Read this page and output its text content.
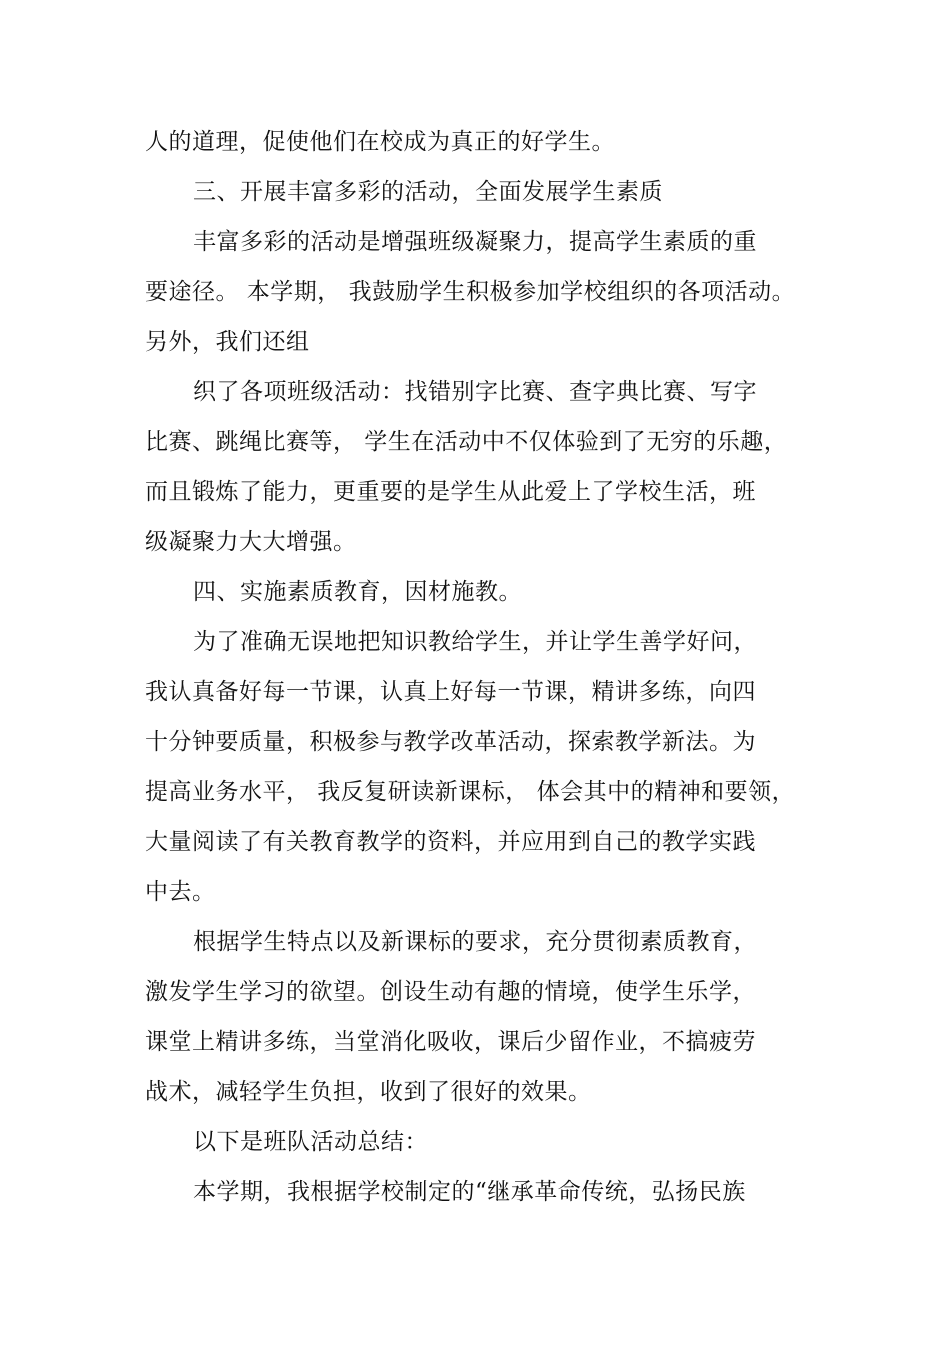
人的道理，促使他们在校成为真正的好学生。
三、开展丰富多彩的活动，全面发展学生素质
丰富多彩的活动是增强班级凝聚力，提高学生素质的重
要途径。 本学期， 我鼓励学生积极参加学校组织的各项活动。
另外，我们还组
织了各项班级活动：找错别字比赛、查字典比赛、写字
比赛、跳绳比赛等， 学生在活动中不仅体验到了无穷的乐趣，
而且锻炼了能力，更重要的是学生从此爱上了学校生活，班
级凝聚力大大增强。
四、实施素质教育，因材施教。
为了准确无误地把知识教给学生，并让学生善学好问，
我认真备好每一节课，认真上好每一节课，精讲多练，向四
十分钟要质量，积极参与教学改革活动，探索教学新法。为
提高业务水平， 我反复研读新课标， 体会其中的精神和要领，
大量阅读了有关教育教学的资料，并应用到自己的教学实践
中去。
根据学生特点以及新课标的要求，充分贯彻素质教育，
激发学生学习的欲望。创设生动有趣的情境，使学生乐学，
课堂上精讲多练，当堂消化吸收，课后少留作业，不搞疲劳
战术，减轻学生负担，收到了很好的效果。
以下是班队活动总结：
本学期，我根据学校制定的“继承革命传统，弘扬民族
